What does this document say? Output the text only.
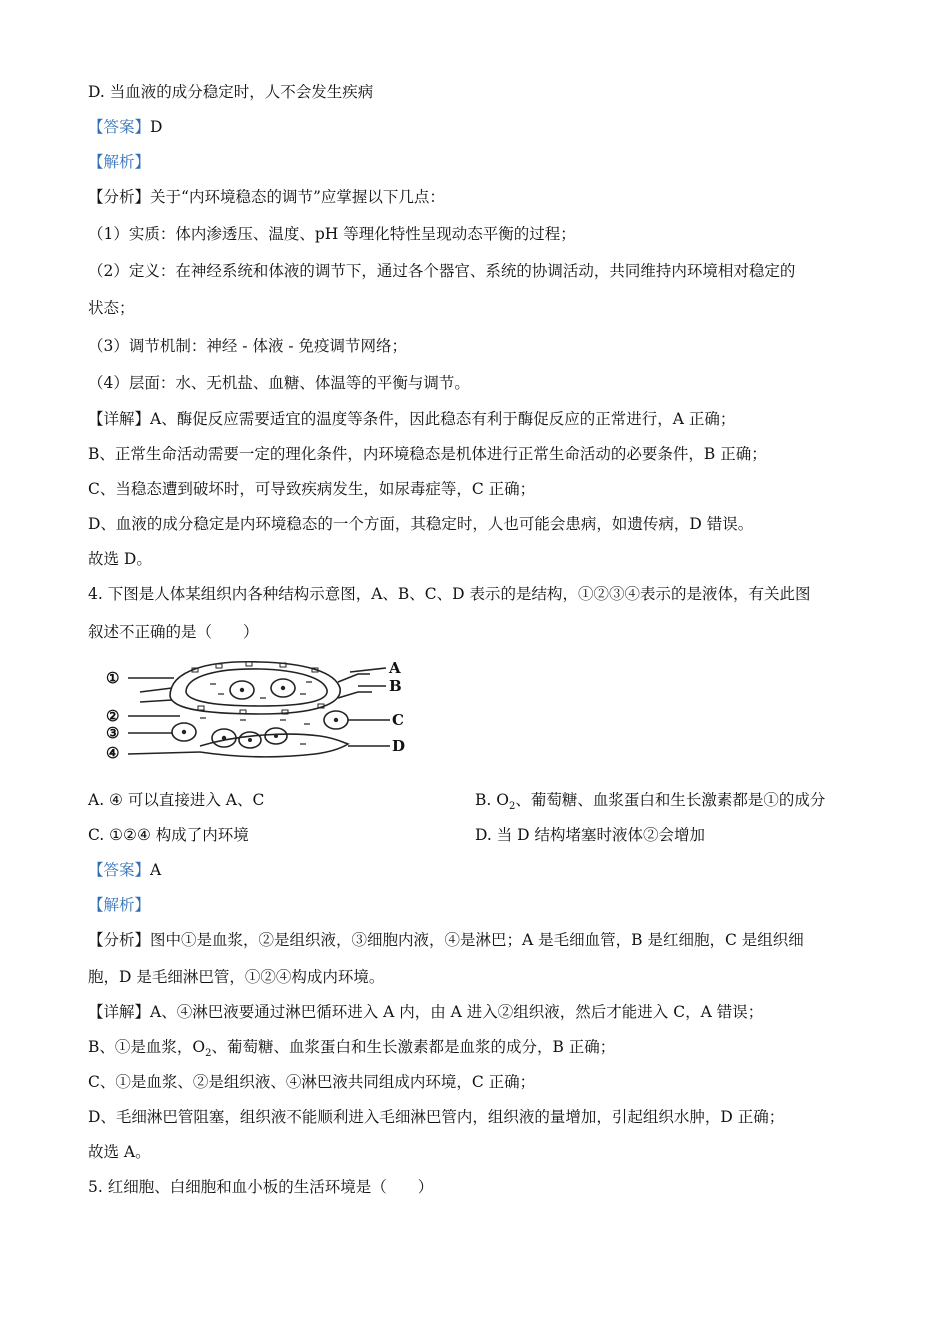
D. 当血液的成分稳定时，人不会发生疾病
【答案】D
【解析】
【分析】关于“内环境稳态的调节”应掌握以下几点：
（1）实质：体内渗透压、温度、pH 等理化特性呈现动态平衡的过程；
（2）定义：在神经系统和体液的调节下，通过各个器官、系统的协调活动，共同维持内环境相对稳定的
状态；
（3）调节机制：神经 - 体液 - 免疫调节网络；
（4）层面：水、无机盐、血糖、体温等的平衡与调节。
【详解】A、酶促反应需要适宜的温度等条件，因此稳态有利于酶促反应的正常进行，A 正确；
B、正常生命活动需要一定的理化条件，内环境稳态是机体进行正常生命活动的必要条件，B 正确；
C、当稳态遭到破坏时，可导致疾病发生，如尿毒症等，C 正确；
D、血液的成分稳定是内环境稳态的一个方面，其稳定时，人也可能会患病，如遗传病，D 错误。
故选 D。
4. 下图是人体某组织内各种结构示意图，A、B、C、D 表示的是结构，①②③④表示的是液体，有关此图
叙述不正确的是（　　）
①
②
③
④
A
B
C
D
A. ④ 可以直接进入 A、C	B. $O_2$、葡萄糖、血浆蛋白和生长激素都是①的成分
C. ①②④ 构成了内环境	D. 当 D 结构堵塞时液体②会增加
【答案】A
【解析】
【分析】图中①是血浆，②是组织液，③细胞内液，④是淋巴；A 是毛细血管，B 是红细胞，C 是组织细
胞，D 是毛细淋巴管，①②④构成内环境。
【详解】A、④淋巴液要通过淋巴循环进入 A 内，由 A 进入②组织液，然后才能进入 C，A 错误；
B、①是血浆，$O_2$、葡萄糖、血浆蛋白和生长激素都是血浆的成分，B 正确；
C、①是血浆、②是组织液、④淋巴液共同组成内环境，C 正确；
D、毛细淋巴管阻塞，组织液不能顺利进入毛细淋巴管内，组织液的量增加，引起组织水肿，D 正确；
故选 A。
5. 红细胞、白细胞和血小板的生活环境是（　　）
